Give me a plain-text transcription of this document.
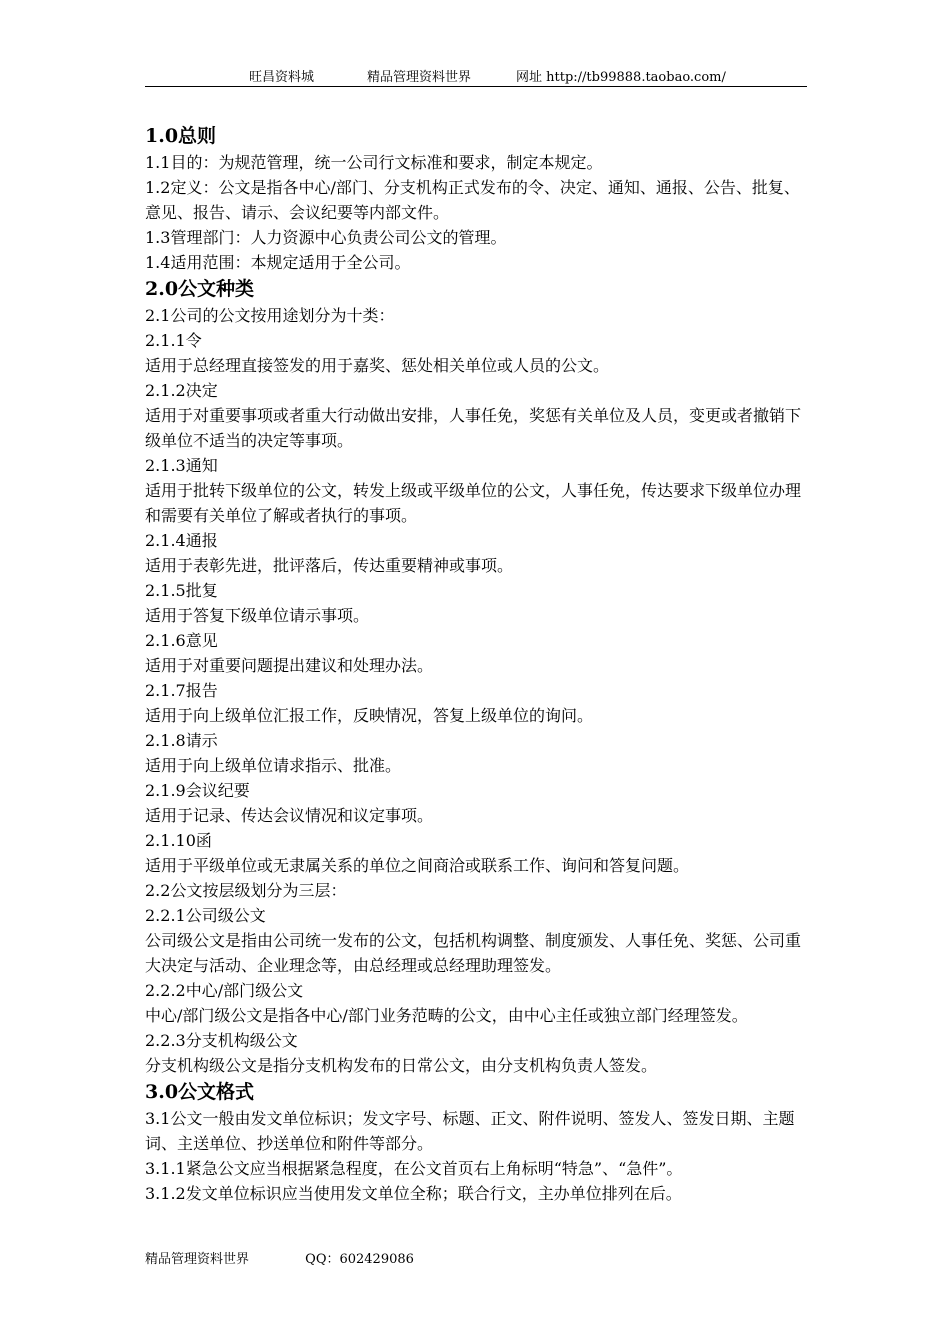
旺昌资料城	精品管理资料世界	网址 http://tb99888.taobao.com/

1.0总则

1.1目的：为规范管理，统一公司行文标准和要求，制定本规定。

1.2定义：公文是指各中心/部门、分支机构正式发布的令、决定、通知、通报、公告、批复、意见、报告、请示、会议纪要等内部文件。

1.3管理部门：人力资源中心负责公司公文的管理。

1.4适用范围：本规定适用于全公司。

2.0公文种类

2.1公司的公文按用途划分为十类：

2.1.1令

适用于总经理直接签发的用于嘉奖、惩处相关单位或人员的公文。

2.1.2决定

适用于对重要事项或者重大行动做出安排，人事任免，奖惩有关单位及人员，变更或者撤销下级单位不适当的决定等事项。

2.1.3通知

适用于批转下级单位的公文，转发上级或平级单位的公文，人事任免，传达要求下级单位办理和需要有关单位了解或者执行的事项。

2.1.4通报

适用于表彰先进，批评落后，传达重要精神或事项。

2.1.5批复

适用于答复下级单位请示事项。

2.1.6意见

适用于对重要问题提出建议和处理办法。

2.1.7报告

适用于向上级单位汇报工作，反映情况，答复上级单位的询问。

2.1.8请示

适用于向上级单位请求指示、批准。

2.1.9会议纪要

适用于记录、传达会议情况和议定事项。

2.1.10函

适用于平级单位或无隶属关系的单位之间商洽或联系工作、询问和答复问题。

2.2公文按层级划分为三层：

2.2.1公司级公文

公司级公文是指由公司统一发布的公文，包括机构调整、制度颁发、人事任免、奖惩、公司重大决定与活动、企业理念等，由总经理或总经理助理签发。

2.2.2中心/部门级公文

中心/部门级公文是指各中心/部门业务范畴的公文，由中心主任或独立部门经理签发。

2.2.3分支机构级公文

分支机构级公文是指分支机构发布的日常公文，由分支机构负责人签发。

3.0公文格式

3.1公文一般由发文单位标识；发文字号、标题、正文、附件说明、签发人、签发日期、主题词、主送单位、抄送单位和附件等部分。

3.1.1紧急公文应当根据紧急程度，在公文首页右上角标明“特急”、“急件”。

3.1.2发文单位标识应当使用发文单位全称；联合行文，主办单位排列在后。

精品管理资料世界	QQ：602429086
